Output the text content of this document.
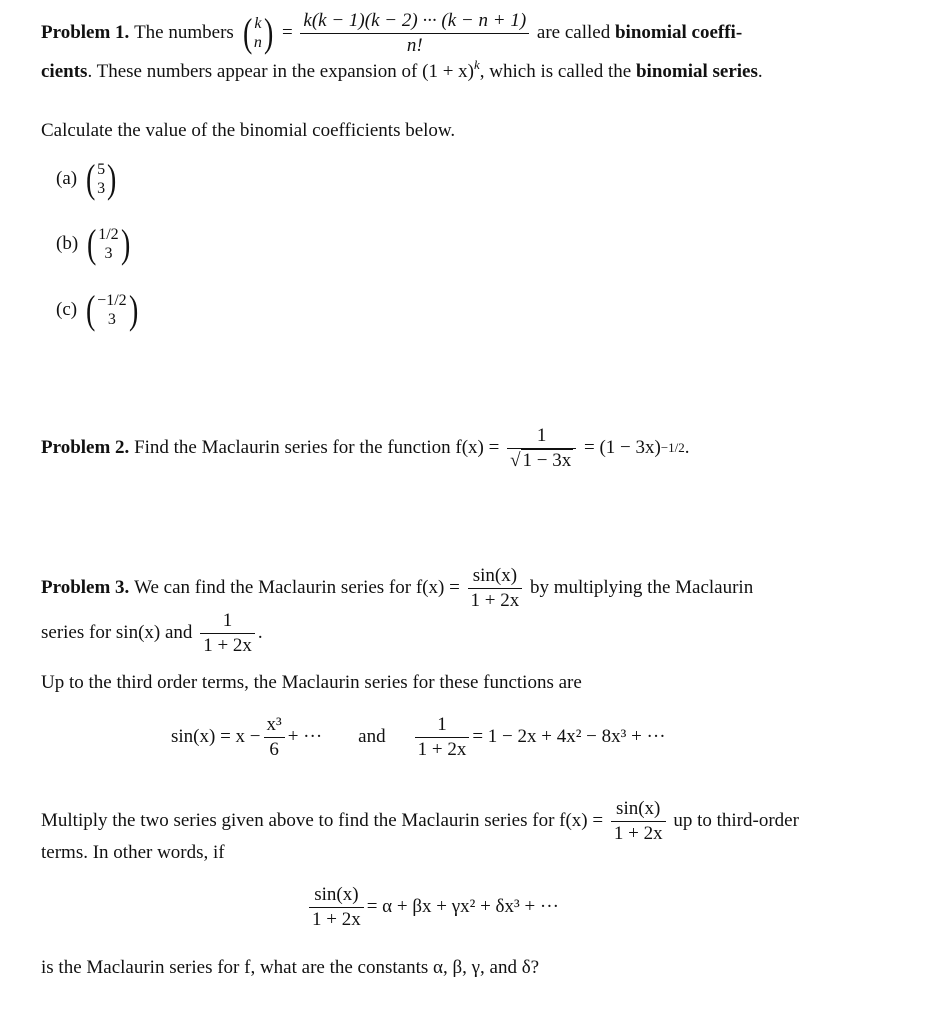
Problem 1.
The numbers
( k
n )
=
$\frac{k(k - 1)(k - 2) \cdot\cdot\cdot (k - n + 1)}{n!}$
are called
binomial coeffi-
cients. These numbers appear in the expansion of $(1 + x)^k$, which is called the binomial series.
Calculate the value of the binomial coefficients below.
(a)
( 5
3 )
(b)
( 1/2
3 )
(c)
( −1/2
3 )
Problem 2.
Find the Maclaurin series for the function f(x) =
$\frac{1}{√ 1 - 3x}$
= (1 − 3x) −1/2 .
Problem 3.
We can find the Maclaurin series for f(x) =
$\frac{\sin(x)}{1 + 2x}$
by multiplying the Maclaurin
series for sin(x) and
$\frac{1}{1 + 2x}$ .
Up to the third order terms, the Maclaurin series for these functions are
$\sin(x) = x - \frac{\text{x³}}{6}$ + ··· and $\frac{1}{1 + 2x} = 1 - 2x + 4x^2 - 8x^3$ + ···
Multiply the two series given above to find the Maclaurin series for f(x) =
$\frac{\sin(x)}{1 + 2x}$
up to third-order
terms. In other words, if
$\frac{\sin(x)}{1 + 2x} = \alpha + \beta x + \gamma x^2 + \delta x^3$ + ···
is the Maclaurin series for f, what are the constants α, β, γ, and δ?
